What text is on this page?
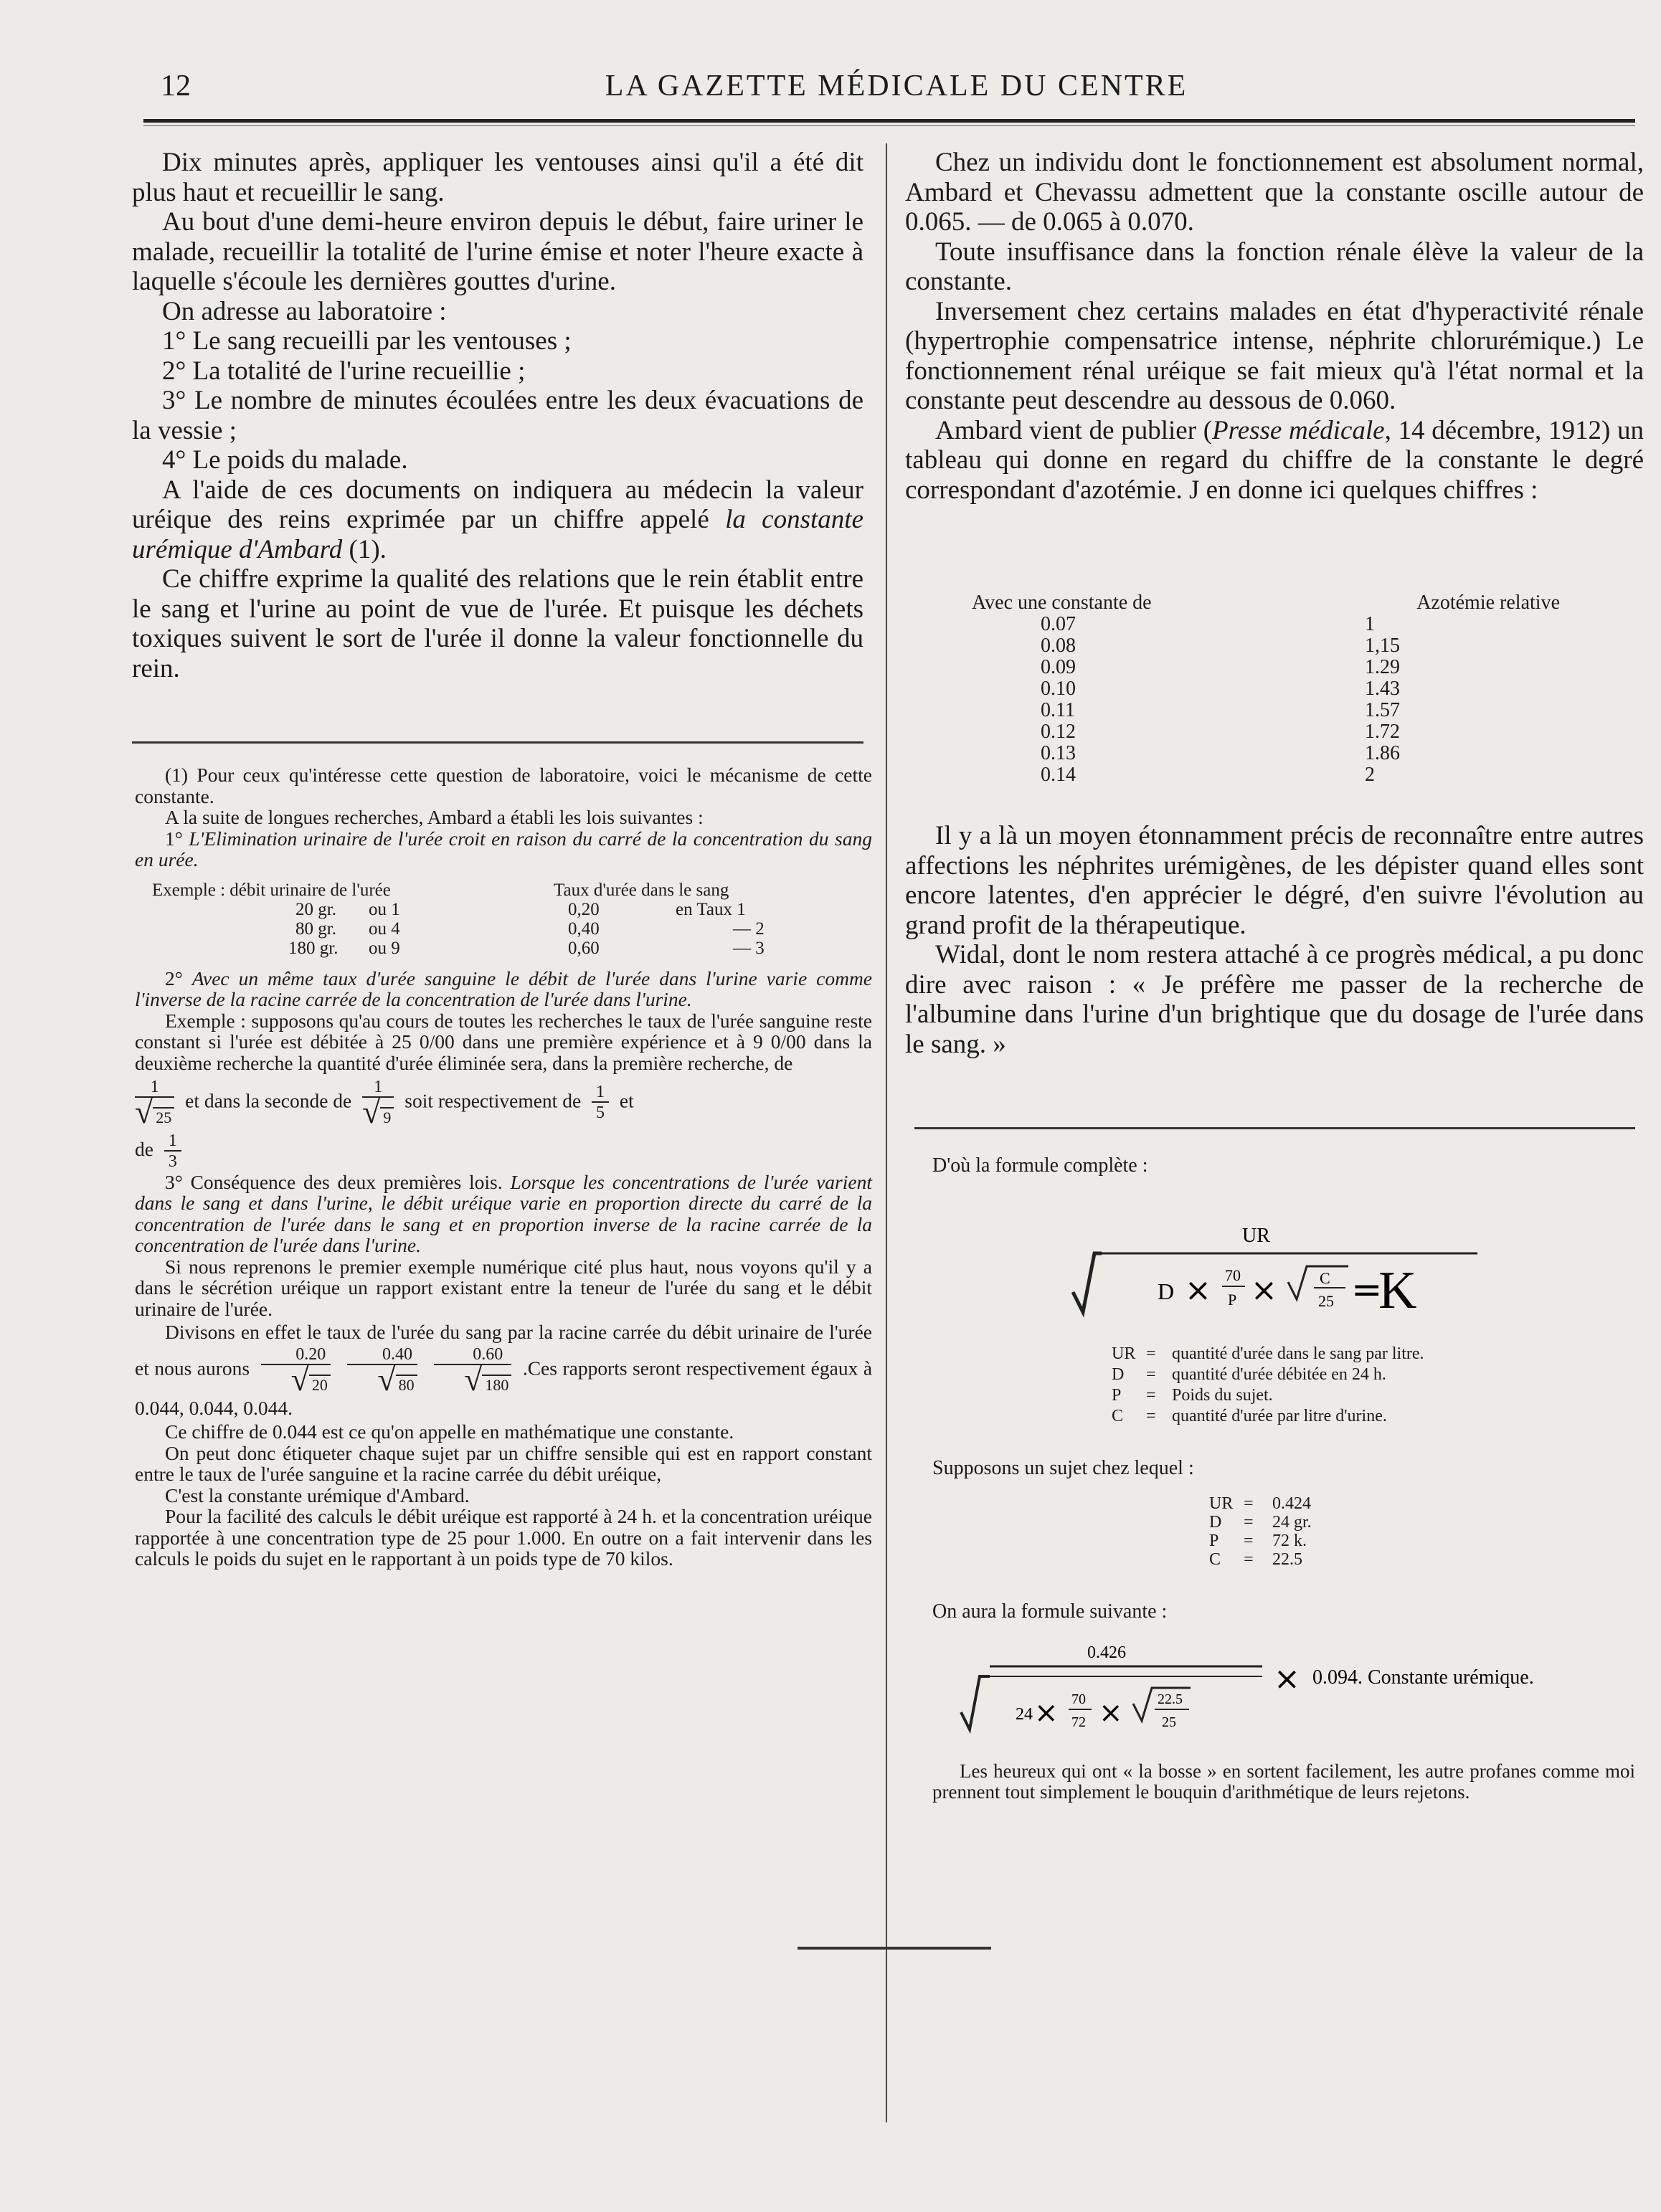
12	LA GAZETTE MÉDICALE DU CENTRE

Dix minutes après, appliquer les ventouses ainsi qu'il a été dit plus haut et recueillir le sang.

Au bout d'une demi-heure environ depuis le début, faire uriner le malade, recueillir la totalité de l'urine émise et noter l'heure exacte à laquelle s'écoule les dernières gouttes d'urine.

On adresse au laboratoire :

1° Le sang recueilli par les ventouses ;

2° La totalité de l'urine recueillie ;

3° Le nombre de minutes écoulées entre les deux évacuations de la vessie ;

4° Le poids du malade.

A l'aide de ces documents on indiquera au médecin la valeur uréique des reins exprimée par un chiffre appelé la constante urémique d'Ambard (1).

Ce chiffre exprime la qualité des relations que le rein établit entre le sang et l'urine au point de vue de l'urée. Et puisque les déchets toxiques suivent le sort de l'urée il donne la valeur fonctionnelle du rein.

(1) Pour ceux qu'intéresse cette question de laboratoire, voici le mécanisme de cette constante.

A la suite de longues recherches, Ambard a établi les lois suivantes :

1° L'Elimination urinaire de l'urée croit en raison du carré de la concentration du sang en urée.

Exemple : débit urinaire de l'urée		Taux d'urée dans le sang	
20 gr.	ou 1	0,20	en Taux 1
80 gr.	ou 4	0,40	— 2
180 gr.	ou 9	0,60	— 3

2° Avec un même taux d'urée sanguine le débit de l'urée dans l'urine varie comme l'inverse de la racine carrée de la concentration de l'urée dans l'urine.

Exemple : supposons qu'au cours de toutes les recherches le taux de l'urée sanguine reste constant si l'urée est débitée à 25 0/00 dans une première expérience et à 9 0/00 dans la deuxième recherche la quantité d'urée éliminée sera, dans la première recherche, de

$\frac{1}{√ 25}$ et dans la seconde de $\frac{1}{√ 9}$ soit respectivement de $\frac{1}{5}$ et
de $\frac{1}{3}$

3° Conséquence des deux premières lois. Lorsque les concentrations de l'urée varient dans le sang et dans l'urine, le débit uréique varie en proportion directe du carré de la concentration de l'urée dans le sang et en proportion inverse de la racine carrée de la concentration de l'urée dans l'urine.

Si nous reprenons le premier exemple numérique cité plus haut, nous voyons qu'il y a dans le sécrétion uréique un rapport existant entre la teneur de l'urée du sang et le débit urinaire de l'urée.

Divisons en effet le taux de l'urée du sang par la racine carrée du débit urinaire de l'urée et nous aurons $\frac{0.20}{√ 20}$
$\frac{0.40}{√ 80}$
$\frac{0.60}{√ 180} .Ces$ rapports seront respectivement égaux à 0.044, 0.044, 0.044.

Ce chiffre de 0.044 est ce qu'on appelle en mathématique une constante.

On peut donc étiqueter chaque sujet par un chiffre sensible qui est en rapport constant entre le taux de l'urée sanguine et la racine carrée du débit uréique,

C'est la constante urémique d'Ambard.

Pour la facilité des calculs le débit uréique est rapporté à 24 h. et la concentration uréique rapportée à une concentration type de 25 pour 1.000. En outre on a fait intervenir dans les calculs le poids du sujet en le rapportant à un poids type de 70 kilos.

Chez un individu dont le fonctionnement est absolument normal, Ambard et Chevassu admettent que la constante oscille autour de 0.065. — de 0.065 à 0.070.

Toute insuffisance dans la fonction rénale élève la valeur de la constante.

Inversement chez certains malades en état d'hyperactivité rénale (hypertrophie compensatrice intense, néphrite chlorurémique.) Le fonctionnement rénal uréique se fait mieux qu'à l'état normal et la constante peut descendre au dessous de 0.060.

Ambard vient de publier (Presse médicale, 14 décembre, 1912) un tableau qui donne en regard du chiffre de la constante le degré correspondant d'azotémie. J en donne ici quelques chiffres :

Avec une constante de	Azotémie relative
0.07	1
0.08	1,15
0.09	1.29
0.10	1.43
0.11	1.57
0.12	1.72
0.13	1.86
0.14	2

Il y a là un moyen étonnamment précis de reconnaître entre autres affections les néphrites urémigènes, de les dépister quand elles sont encore latentes, d'en apprécier le dégré, d'en suivre l'évolution au grand profit de la thérapeutique.

Widal, dont le nom restera attaché à ce progrès médical, a pu donc dire avec raison : « Je préfère me passer de la recherche de l'albumine dans l'urine d'un brightique que du dosage de l'urée dans le sang. »

D'où la formule complète :
UR
D × 70
P ×	C
25 =
K
UR	=	quantité d'urée dans le sang par litre.
D	=	quantité d'urée débitée en 24 h.
P	=	Poids du sujet.
C	=	quantité d'urée par litre d'urine.
Supposons un sujet chez lequel :
UR	=	0.424
D	=	24 gr.
P	=	72 k.
C	=	22.5
On aura la formule suivante :
0.426
24 × 70
72 × 22.5
25
× 0.094. Constante urémique.
Les heureux qui ont « la bosse » en sortent facilement, les autre profanes comme moi prennent tout simplement le bouquin d'arithmétique de leurs rejetons.
